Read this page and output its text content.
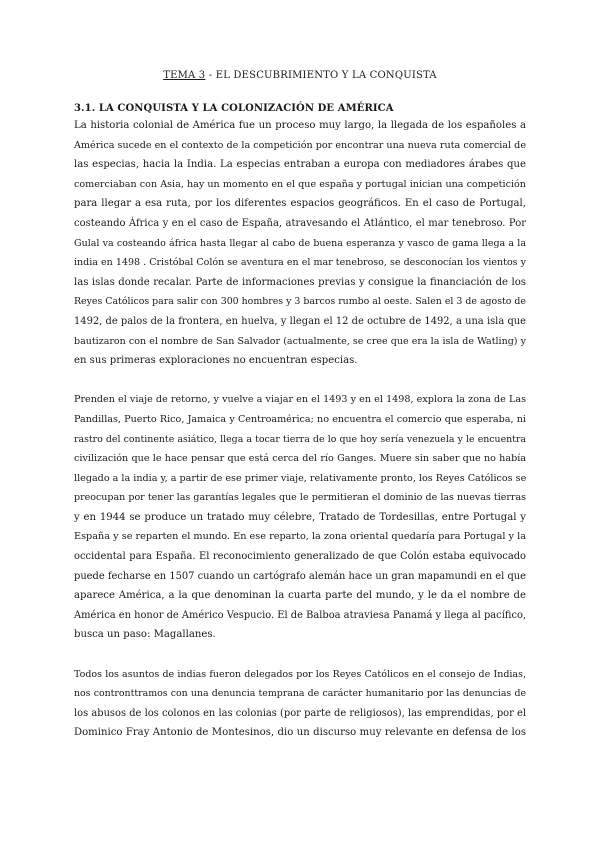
TEMA 3 - EL DESCUBRIMIENTO Y LA CONQUISTA
3.1. LA CONQUISTA Y LA COLONIZACIÓN DE AMÉRICA
La historia colonial de América fue un proceso muy largo, la llegada de los españoles a
América sucede en el contexto de la competición por encontrar una nueva ruta comercial de
las especias, hacia la India. La especias entraban a europa con mediadores árabes que
comerciaban con Asia, hay un momento en el que españa y portugal inician una competición
para llegar a esa ruta, por los diferentes espacios geográficos. En el caso de Portugal,
costeando África y en el caso de España, atravesando el Atlántico, el mar tenebroso. Por
Gulal va costeando áfrica hasta llegar al cabo de buena esperanza y vasco de gama llega a la
india en 1498 . Cristóbal Colón se aventura en el mar tenebroso, se desconocían los vientos y
las islas donde recalar. Parte de informaciones previas y consigue la financiación de los
Reyes Católicos para salir con 300 hombres y 3 barcos rumbo al oeste. Salen el 3 de agosto de
1492, de palos de la frontera, en huelva, y llegan el 12 de octubre de 1492, a una isla que
bautizaron con el nombre de San Salvador (actualmente, se cree que era la isla de Watling) y
en sus primeras exploraciones no encuentran especias.
Prenden el viaje de retorno, y vuelve a viajar en el 1493 y en el 1498, explora la zona de Las
Pandillas, Puerto Rico, Jamaica y Centroamérica; no encuentra el comercio que esperaba, ni
rastro del continente asiático, llega a tocar tierra de lo que hoy sería venezuela y le encuentra
civilización que le hace pensar que está cerca del río Ganges. Muere sin saber que no había
llegado a la india y, a partir de ese primer viaje, relativamente pronto, los Reyes Católicos se
preocupan por tener las garantías legales que le permitieran el dominio de las nuevas tierras
y en 1944 se produce un tratado muy célebre, Tratado de Tordesillas, entre Portugal y
España y se reparten el mundo. En ese reparto, la zona oriental quedaría para Portugal y la
occidental para España. El reconocimiento generalizado de que Colón estaba equivocado
puede fecharse en 1507 cuando un cartógrafo alemán hace un gran mapamundi en el que
aparece América, a la que denominan la cuarta parte del mundo, y le da el nombre de
América en honor de Américo Vespucio. El de Balboa atraviesa Panamá y llega al pacífico,
busca un paso: Magallanes.
Todos los asuntos de indias fueron delegados por los Reyes Católicos en el consejo de Indias,
nos contronttramos con una denuncia temprana de carácter humanitario por las denuncias de
los abusos de los colonos en las colonias (por parte de religiosos), las emprendidas, por el
Dominico Fray Antonio de Montesinos, dio un discurso muy relevante en defensa de los
